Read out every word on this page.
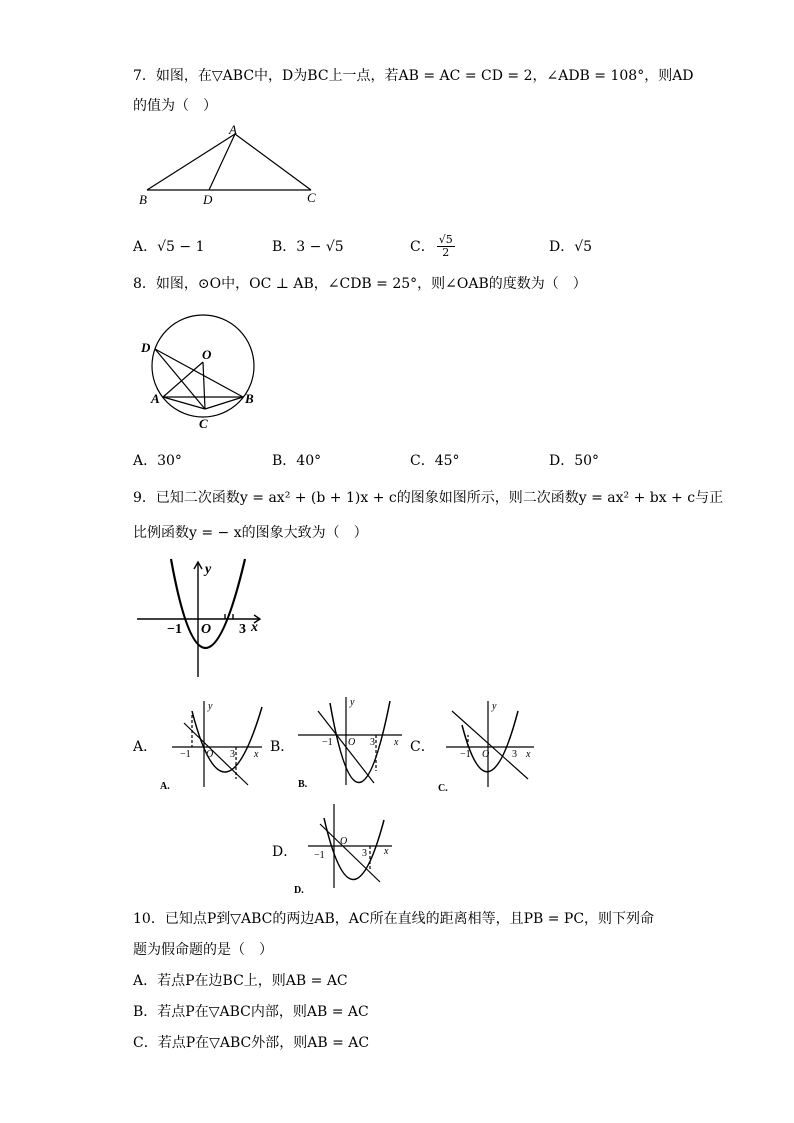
7．如图，在▽ABC中，D为BC上一点，若AB = AC = CD = 2，∠ADB = 108°，则AD
的值为（　）
A
B	D	C
A．√5 − 1	B．3 − √5	C． $\frac{√5}{2}$	D．√5
8．如图，⊙O中，OC ⊥ AB，∠CDB = 25°，则∠OAB的度数为（　）
D	O
A	B
C
A．30°	B．40°	C．45°	D．50°
9．已知二次函数y = ax² + (b + 1)x + c的图象如图所示，则二次函数y = ax² + bx + c与正
比例函数y = − x的图象大致为（　）
y
x
O
−1	3
A．
y
x
O
−1	3
A.
B．
y
x
O
−1	3
B.
C．
y
x
O
−1	3
C.
D．
O
x
−1	3
D.
10．已知点P到▽ABC的两边AB，AC所在直线的距离相等，且PB = PC，则下列命
题为假命题的是（　）
A．若点P在边BC上，则AB = AC
B．若点P在▽ABC内部，则AB = AC
C．若点P在▽ABC外部，则AB = AC
